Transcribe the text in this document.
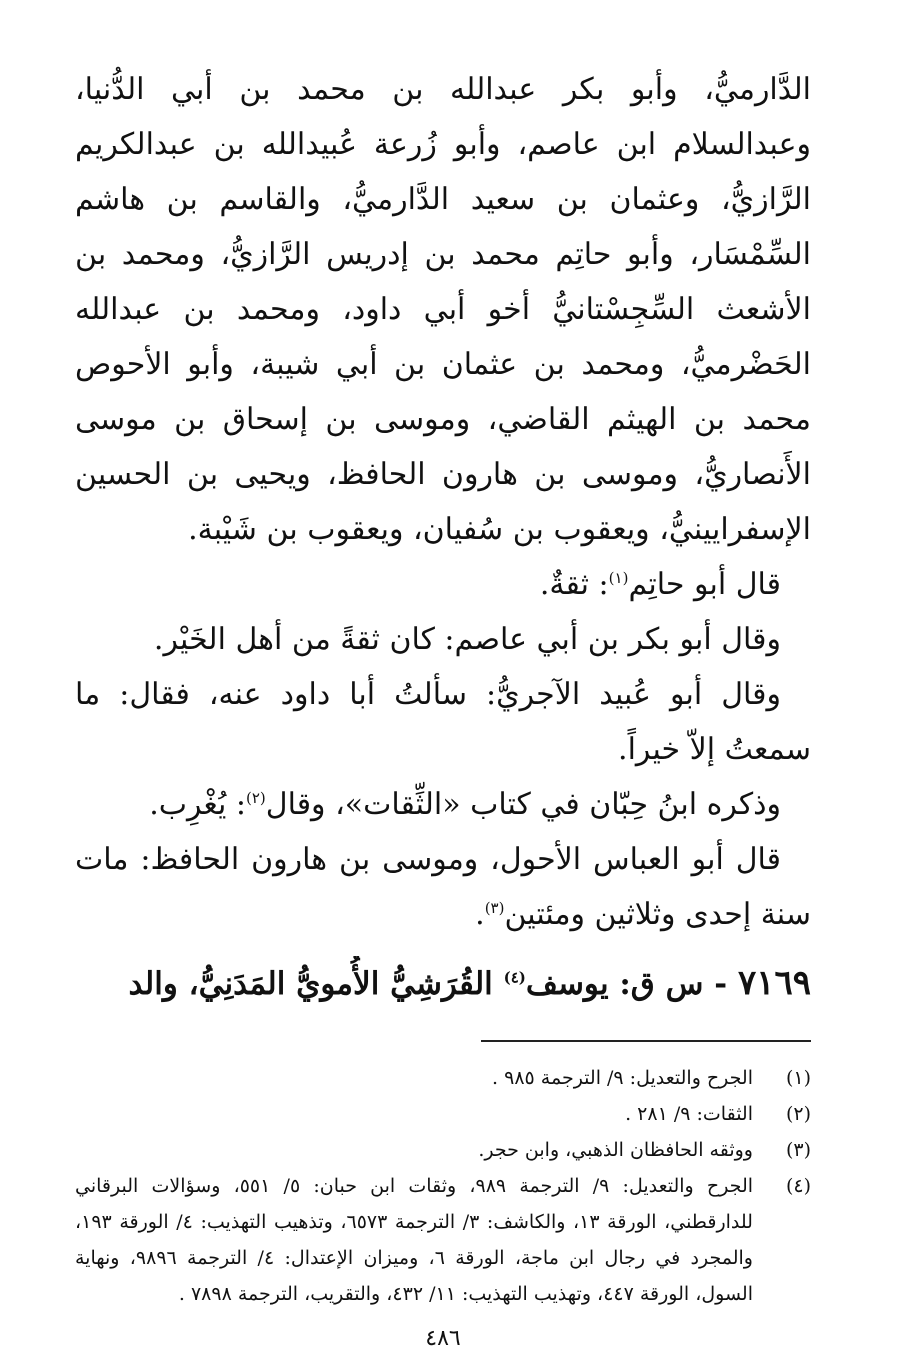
الدَّارميُّ، وأبو بكر عبدالله بن محمد بن أبي الدُّنيا، وعبدالسلام ابن عاصم، وأبو زُرعة عُبيدالله بن عبدالكريم الرَّازيُّ، وعثمان بن سعيد الدَّارميُّ، والقاسم بن هاشم السِّمْسَار، وأبو حاتِم محمد بن إدريس الرَّازيُّ، ومحمد بن الأشعث السِّجِسْتانيُّ أخو أبي داود، ومحمد بن عبدالله الحَضْرميُّ، ومحمد بن عثمان بن أبي شيبة، وأبو الأحوص محمد بن الهيثم القاضي، وموسى بن إسحاق بن موسى الأَنصاريُّ، وموسى بن هارون الحافظ، ويحيى بن الحسين الإسفرايينيُّ، ويعقوب بن سُفيان، ويعقوب بن شَيْبة.

قال أبو حاتِم$^{(١)}$: ثقةٌ.

وقال أبو بكر بن أبي عاصم: كان ثقةً من أهل الخَيْر.

وقال أبو عُبيد الآجريُّ: سألتُ أبا داود عنه، فقال: ما سمعتُ إلاّ خيراً.

وذكره ابنُ حِبّان في كتاب «الثِّقات»، وقال$^{(٢)}$: يُغْرِب.

قال أبو العباس الأحول، وموسى بن هارون الحافظ: مات سنة إحدى وثلاثين ومئتين$^{(٣)}$.

٧١٦٩ - س ق: يوسف$^{(٤)}$ القُرَشِيُّ الأُمويُّ المَدَنِيُّ، والد

(١)
الجرح والتعديل: ٩/ الترجمة ٩٨٥ .
(٢)
الثقات: ٩/ ٢٨١ .
(٣)
ووثقه الحافظان الذهبي، وابن حجر.
(٤)
الجرح والتعديل: ٩/ الترجمة ٩٨٩، وثقات ابن حبان: ٥/ ٥٥١، وسؤالات البرقاني للدارقطني، الورقة ١٣، والكاشف: ٣/ الترجمة ٦٥٧٣، وتذهيب التهذيب: ٤/ الورقة ١٩٣، والمجرد في رجال ابن ماجة، الورقة ٦، وميزان الإعتدال: ٤/ الترجمة ٩٨٩٦، ونهاية السول، الورقة ٤٤٧، وتهذيب التهذيب: ١١/ ٤٣٢، والتقريب، الترجمة ٧٨٩٨ .
٤٨٦
